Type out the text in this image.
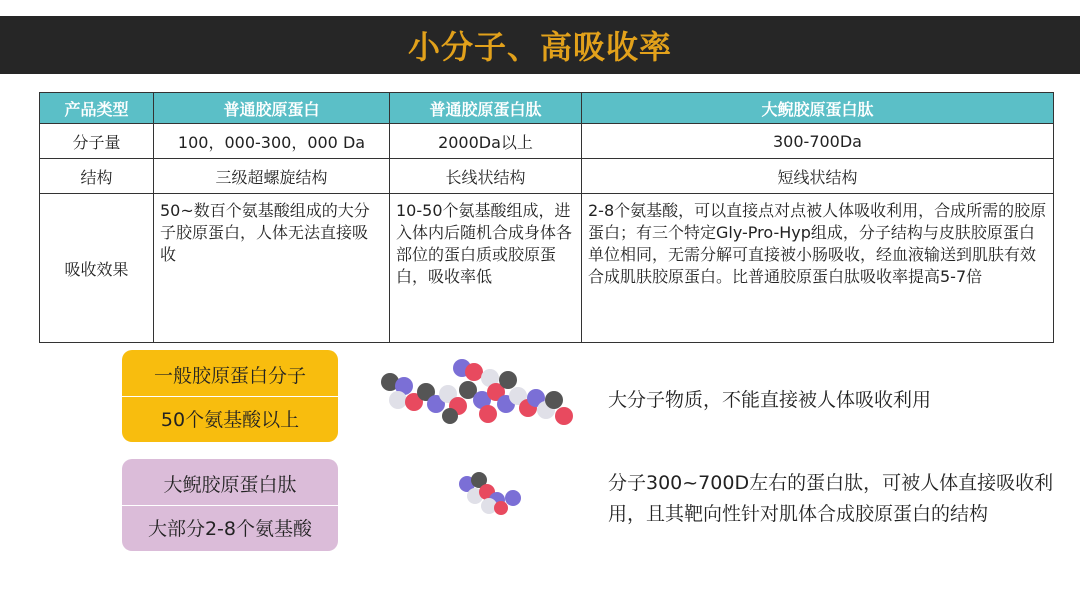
小分子、高吸收率
产品类型	普通胶原蛋白	普通胶原蛋白肽	大鲵胶原蛋白肽
分子量	100，000-300，000 Da	2000Da以上	300-700Da
结构	三级超螺旋结构	长线状结构	短线状结构
吸收效果	50~数百个氨基酸组成的大分子胶原蛋白，人体无法直接吸收	10-50个氨基酸组成，进入体内后随机合成身体各部位的蛋白质或胶原蛋白，吸收率低	2-8个氨基酸，可以直接点对点被人体吸收利用，合成所需的胶原蛋白；有三个特定Gly-Pro-Hyp组成，分子结构与皮肤胶原蛋白单位相同，无需分解可直接被小肠吸收，经血液输送到肌肤有效合成肌肤胶原蛋白。比普通胶原蛋白肽吸收率提高5-7倍
一般胶原蛋白分子
50个氨基酸以上
大分子物质，不能直接被人体吸收利用
大鲵胶原蛋白肽
大部分2-8个氨基酸
分子300~700D左右的蛋白肽，可被人体直接吸收利用，且其靶向性针对肌体合成胶原蛋白的结构
